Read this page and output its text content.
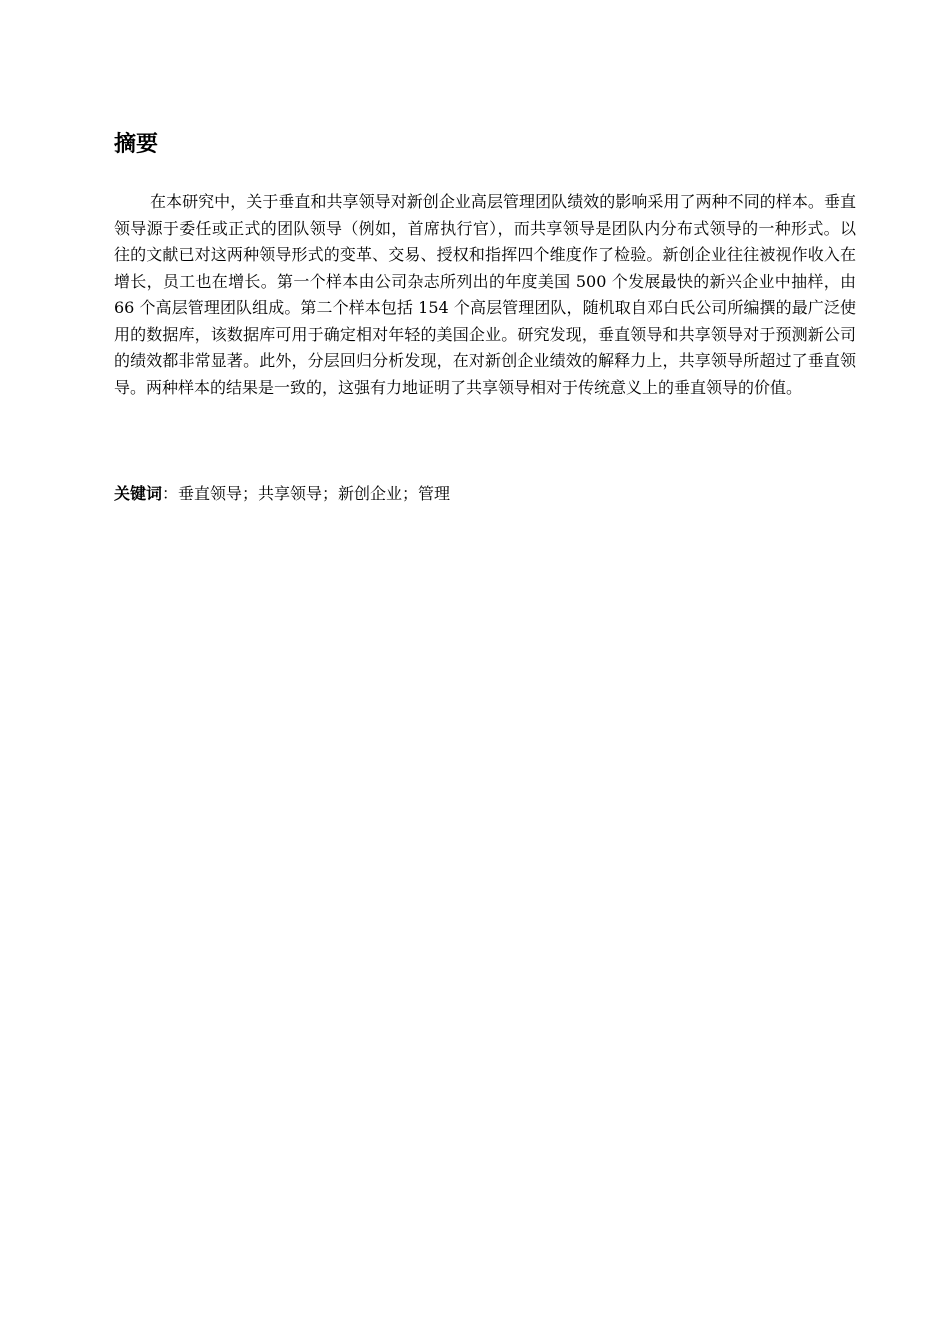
摘要

在本研究中，关于垂直和共享领导对新创企业高层管理团队绩效的影响采用了两种不同的样本。垂直领导源于委任或正式的团队领导（例如，首席执行官），而共享领导是团队内分布式领导的一种形式。以往的文献已对这两种领导形式的变革、交易、授权和指挥四个维度作了检验。新创企业往往被视作收入在增长，员工也在增长。第一个样本由公司杂志所列出的年度美国 500 个发展最快的新兴企业中抽样，由 66 个高层管理团队组成。第二个样本包括 154 个高层管理团队，随机取自邓白氏公司所编撰的最广泛使用的数据库，该数据库可用于确定相对年轻的美国企业。研究发现，垂直领导和共享领导对于预测新公司的绩效都非常显著。此外，分层回归分析发现，在对新创企业绩效的解释力上，共享领导所超过了垂直领导。两种样本的结果是一致的，这强有力地证明了共享领导相对于传统意义上的垂直领导的价值。

关键词：垂直领导；共享领导；新创企业；管理
